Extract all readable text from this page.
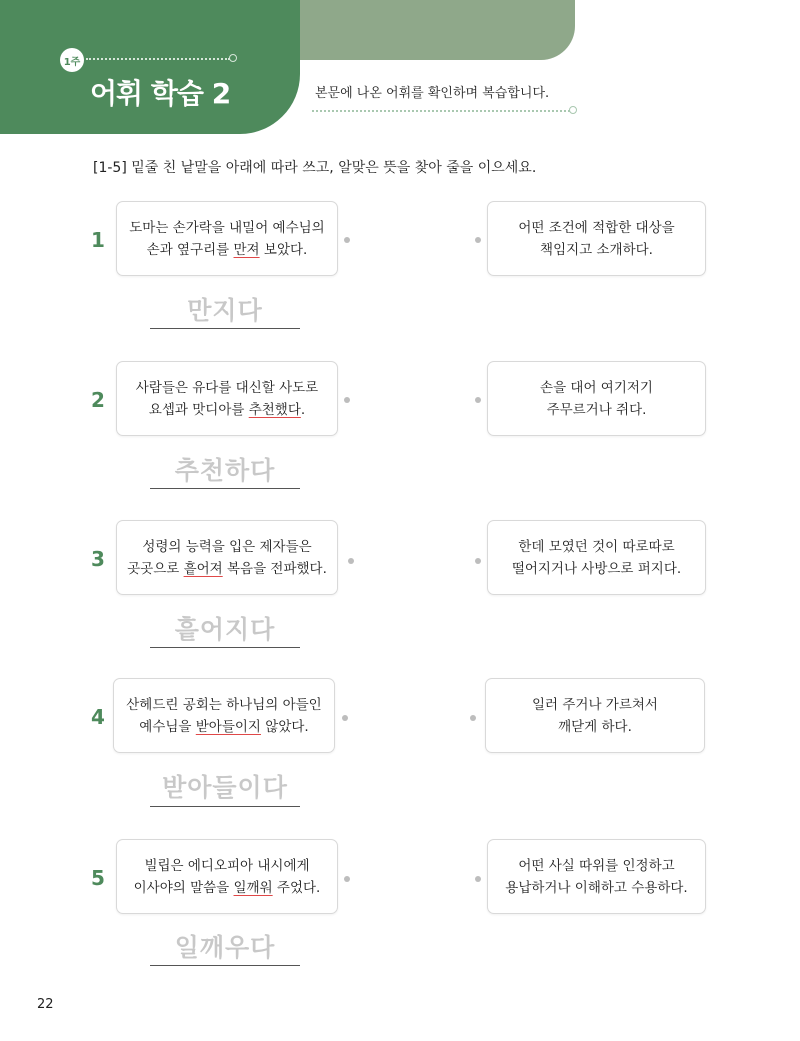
1주
어휘 학습 2	본문에 나온 어휘를 확인하며 복습합니다.
[1-5] 밑줄 친 낱말을 아래에 따라 쓰고, 알맞은 뜻을 찾아 줄을 이으세요.
1
도마는 손가락을 내밀어 예수님의
손과 옆구리를 만져 보았다.
어떤 조건에 적합한 대상을
책임지고 소개하다.
만지다
2
사람들은 유다를 대신할 사도로
요셉과 맛디아를 추천했다.
손을 대어 여기저기
주무르거나 쥐다.
추천하다
3
성령의 능력을 입은 제자들은
곳곳으로 흩어져 복음을 전파했다.
한데 모였던 것이 따로따로
떨어지거나 사방으로 퍼지다.
흩어지다
4
산헤드린 공회는 하나님의 아들인
예수님을 받아들이지 않았다.
일러 주거나 가르쳐서
깨닫게 하다.
받아들이다
5
빌립은 에디오피아 내시에게
이사야의 말씀을 일깨워 주었다.
어떤 사실 따위를 인정하고
용납하거나 이해하고 수용하다.
일깨우다
22
